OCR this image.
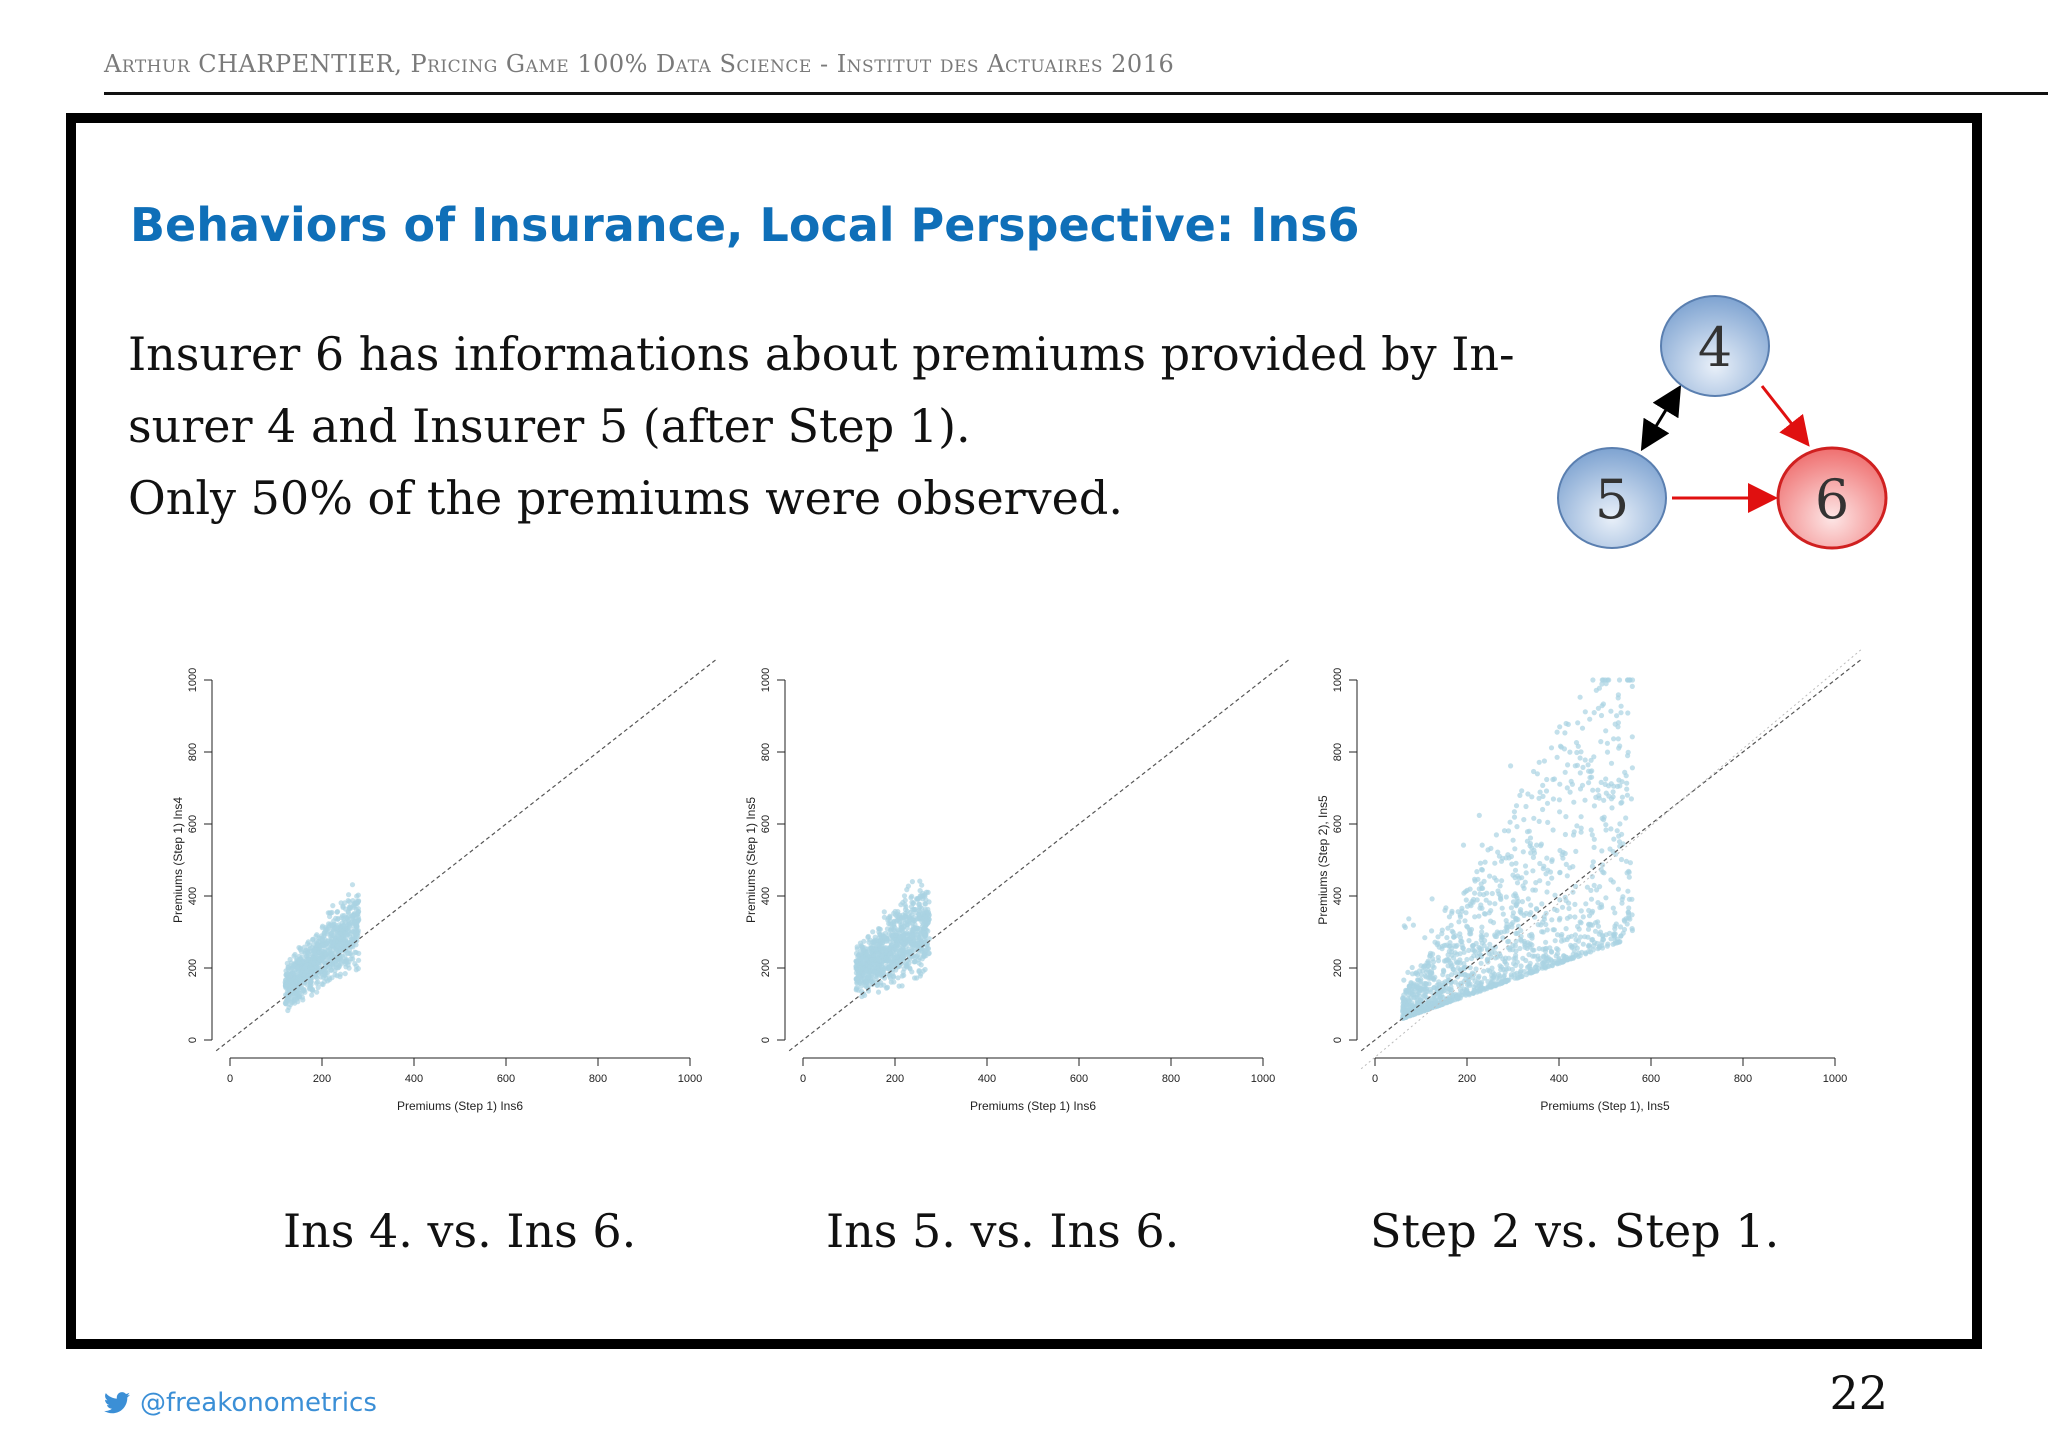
Arthur CHARPENTIER, Pricing Game 100% Data Science - Institut des Actuaires 2016
Behaviors of Insurance, Local Perspective: Ins6
Insurer 6 has informations about premiums provided by In-
surer 4 and Insurer 5 (after Step 1).
Only 50% of the premiums were observed.
4
5	6
0	200	400	600	800	1000
0
200
400
600
800
1000
Premiums (Step 1) Ins6
Premiums (Step 1) Ins4
0	200	400	600	800	1000
0
200
400
600
800
1000
Premiums (Step 1) Ins6
Premiums (Step 1) Ins5
0	200	400	600	800	1000
0
200
400
600
800
1000
Premiums (Step 1), Ins5
Premiums (Step 2), Ins5
Ins 4. vs. Ins 6.	Ins 5. vs. Ins 6.	Step 2 vs. Step 1.
@freakonometrics	22
